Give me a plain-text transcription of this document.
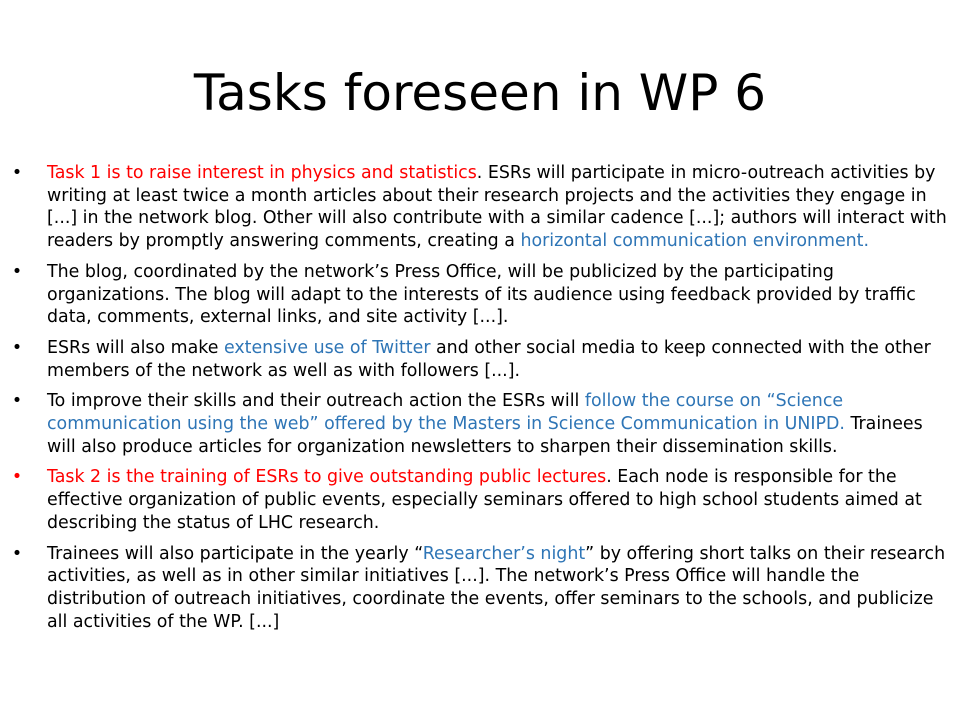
Tasks foreseen in WP 6
• Task 1 is to raise interest in physics and statistics. ESRs will participate in micro-outreach activities by writing at least twice a month articles about their research projects and the activities they engage in [...] in the network blog. Other will also contribute with a similar cadence [...]; authors will interact with readers by promptly answering comments, creating a horizontal communication environment.
• The blog, coordinated by the network’s Press Office, will be publicized by the participating organizations. The blog will adapt to the interests of its audience using feedback provided by traffic data, comments, external links, and site activity [...].
• ESRs will also make extensive use of Twitter and other social media to keep connected with the other members of the network as well as with followers [...].
• To improve their skills and their outreach action the ESRs will follow the course on “Science communication using the web” offered by the Masters in Science Communication in UNIPD. Trainees will also produce articles for organization newsletters to sharpen their dissemination skills.
• Task 2 is the training of ESRs to give outstanding public lectures. Each node is responsible for the effective organization of public events, especially seminars offered to high school students aimed at describing the status of LHC research.
• Trainees will also participate in the yearly “Researcher’s night” by offering short talks on their research activities, as well as in other similar initiatives [...]. The network’s Press Office will handle the distribution of outreach initiatives, coordinate the events, offer seminars to the schools, and publicize all activities of the WP. [...]
